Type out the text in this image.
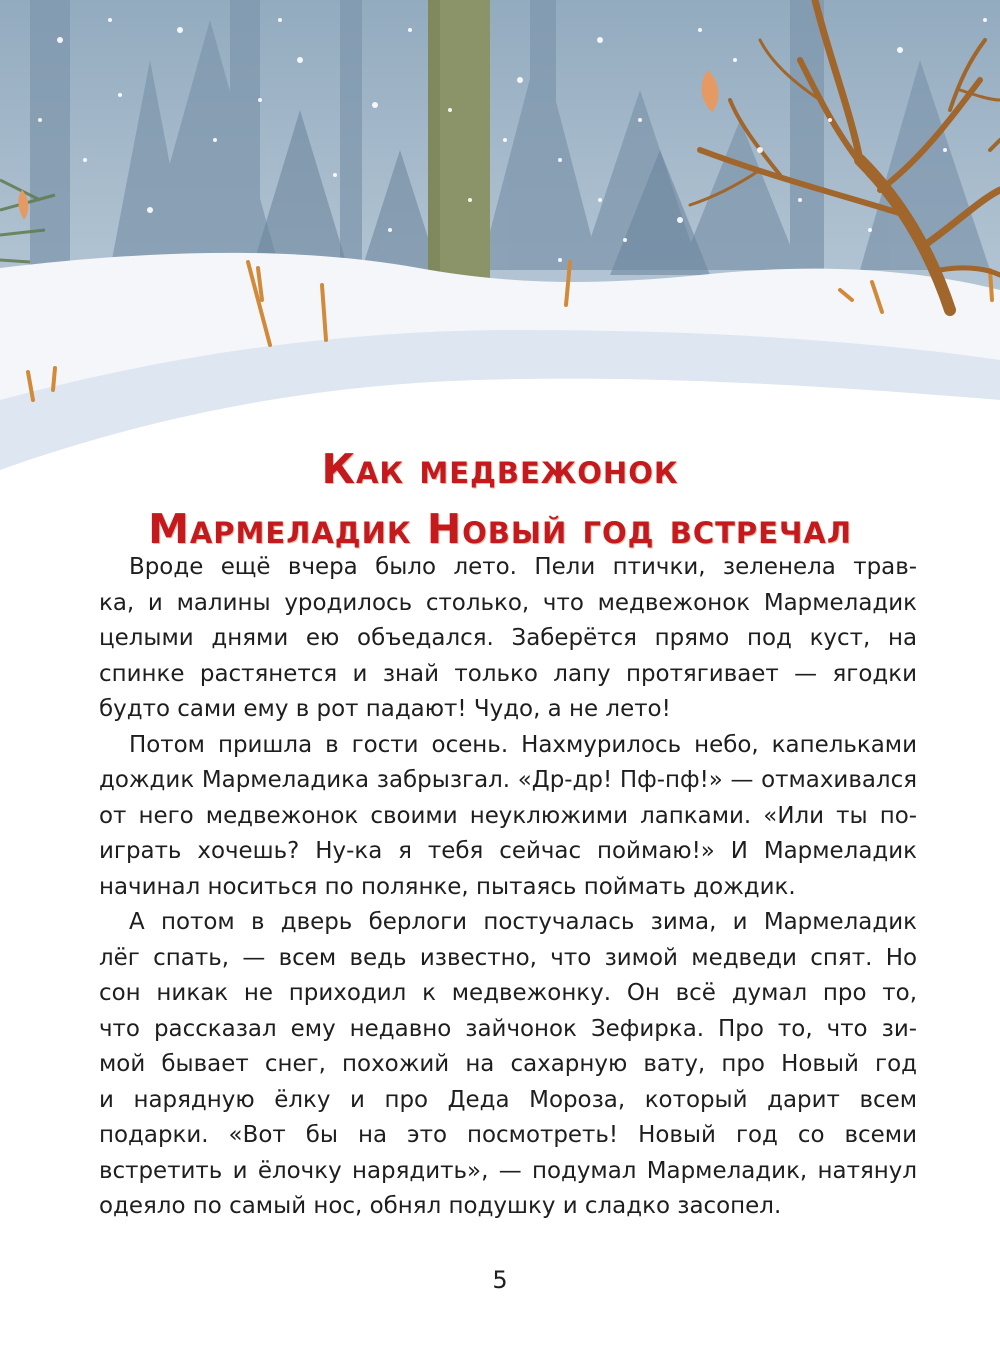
Как медвежонок
Мармеладик Новый год встречал
Вроде ещё вчера было лето. Пели птички, зеленела трав-
ка, и малины уродилось столько, что медвежонок Мармеладик
целыми днями ею объедался. Заберётся прямо под куст, на
спинке растянется и знай только лапу протягивает — ягодки
будто сами ему в рот падают! Чудо, а не лето!
Потом пришла в гости осень. Нахмурилось небо, капельками
дождик Мармеладика забрызгал. «Др-др! Пф-пф!» — отмахивался
от него медвежонок своими неуклюжими лапками. «Или ты по-
играть хочешь? Ну-ка я тебя сейчас поймаю!» И Мармеладик
начинал носиться по полянке, пытаясь поймать дождик.
А потом в дверь берлоги постучалась зима, и Мармеладик
лёг спать, — всем ведь известно, что зимой медведи спят. Но
сон никак не приходил к медвежонку. Он всё думал про то,
что рассказал ему недавно зайчонок Зефирка. Про то, что зи-
мой бывает снег, похожий на сахарную вату, про Новый год
и нарядную ёлку и про Деда Мороза, который дарит всем
подарки. «Вот бы на это посмотреть! Новый год со всеми
встретить и ёлочку нарядить», — подумал Мармеладик, натянул
одеяло по самый нос, обнял подушку и сладко засопел.
5
